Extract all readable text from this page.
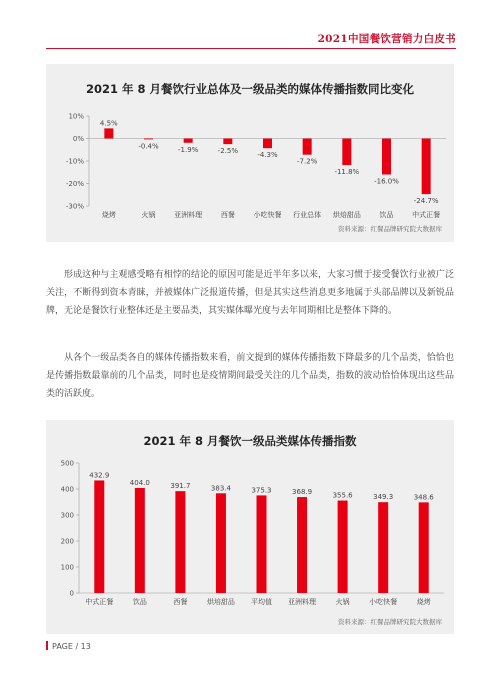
2021中国餐饮营销力白皮书
2021 年 8 月餐饮行业总体及一级品类的媒体传播指数同比变化
10%
0%
-10%
-20%
-30%
4.5%
烧烤
-0.4%
火锅
-1.9%
亚洲料理
-2.5%
西餐
-4.3%
小吃快餐
-7.2%
行业总体
-11.8%
烘焙甜品
-16.0%
饮品
-24.7%
中式正餐
资料来源：红餐品牌研究院大数据库

形成这种与主观感受略有相悖的结论的原因可能是近半年多以来，大家习惯于接受餐饮行业被广泛关注，不断得到资本青睐，并被媒体广泛报道传播，但是其实这些消息更多地属于头部品牌以及新锐品牌，无论是餐饮行业整体还是主要品类，其实媒体曝光度与去年同期相比是整体下降的。

从各个一级品类各自的媒体传播指数来看，前文提到的媒体传播指数下降最多的几个品类，恰恰也是传播指数最靠前的几个品类，同时也是疫情期间最受关注的几个品类，指数的波动恰恰体现出这些品类的活跃度。

2021 年 8 月餐饮一级品类媒体传播指数
500
400
300
200
100
0
432.9
中式正餐
404.0
饮品
391.7
西餐
383.4
烘培甜品
375.3
平均值
368.9
亚洲料理
355.6
火锅
349.3
小吃快餐
348.6
烧烤
资料来源：红餐品牌研究院大数据库
PAGE / 13
